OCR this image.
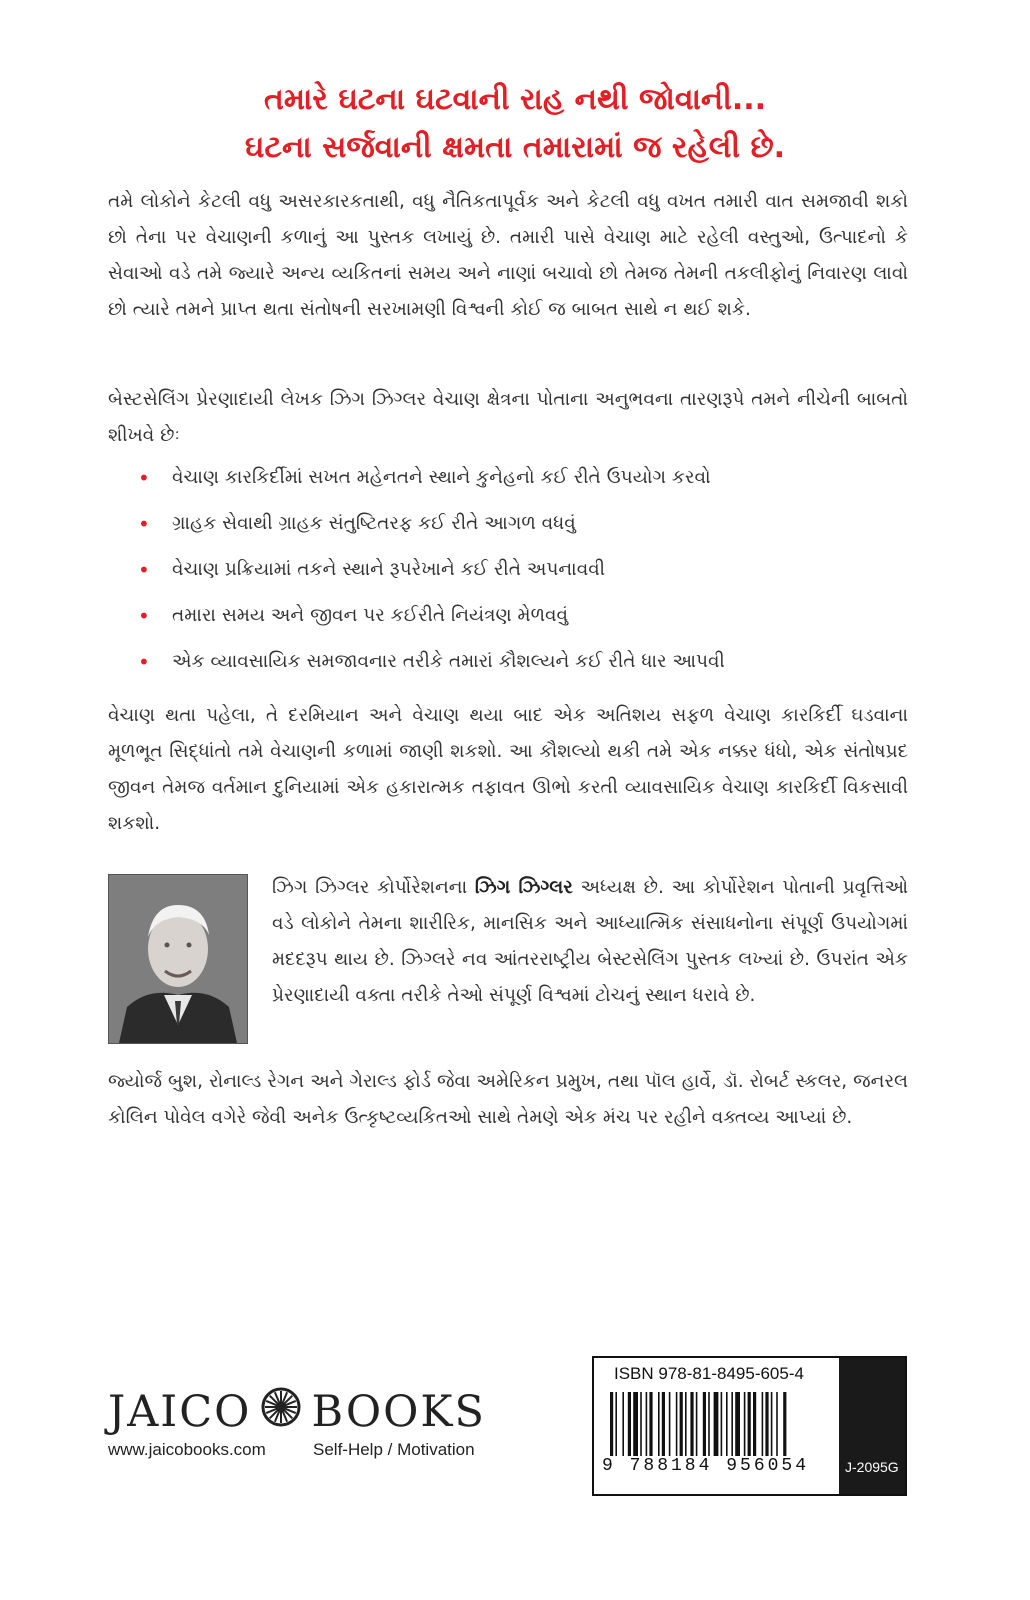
તમારે ઘટના ઘટવાની રાહ નથી જોવાની...
ઘટના સર્જવાની ક્ષમતા તમારામાં જ રહેલી છે.

તમે લોકોને કેટલી વધુ અસરકારકતાથી, વધુ નૈતિકતાપૂર્વક અને કેટલી વધુ વખત તમારી વાત સમજાવી શકો છો તેના પર વેચાણની કળાનું આ પુસ્તક લખાયું છે. તમારી પાસે વેચાણ માટે રહેલી વસ્તુઓ, ઉત્પાદનો કે સેવાઓ વડે તમે જ્યારે અન્ય વ્યકિતનાં સમય અને નાણાં બચાવો છો તેમજ તેમની તકલીફોનું નિવારણ લાવો છો ત્યારે તમને પ્રાપ્ત થતા સંતોષની સરખામણી વિશ્વની કોઈ જ બાબત સાથે ન થઈ શકે.

બેસ્ટસેલિંગ પ્રેરણાદાયી લેખક ઝિગ ઝિગ્લર વેચાણ ક્ષેત્રના પોતાના અનુભવના તારણરૂપે તમને નીચેની બાબતો શીખવે છેઃ

• વેચાણ કારકિર્દીમાં સખત મહેનતને સ્થાને કુનેહનો કઈ રીતે ઉપયોગ કરવો
• ગ્રાહક સેવાથી ગ્રાહક સંતુષ્ટિતરફ કઈ રીતે આગળ વધવું
• વેચાણ પ્રક્રિયામાં તકને સ્થાને રૂપરેખાને કઈ રીતે અપનાવવી
• તમારા સમય અને જીવન પર કઈરીતે નિયંત્રણ મેળવવું
• એક વ્યાવસાયિક સમજાવનાર તરીકે તમારાં કૌશલ્યને કઈ રીતે ધાર આપવી

વેચાણ થતા પહેલા, તે દરમિયાન અને વેચાણ થયા બાદ એક અતિશય સફળ વેચાણ કારકિર્દી ઘડવાના મૂળભૂત સિદ્ધાંતો તમે વેચાણની કળામાં જાણી શકશો. આ કૌશલ્યો થકી તમે એક નક્કર ધંધો, એક સંતોષપ્રદ જીવન તેમજ વર્તમાન દુનિયામાં એક હકારાત્મક તફાવત ઊભો કરતી વ્યાવસાયિક વેચાણ કારકિર્દી વિકસાવી શકશો.

ઝિગ ઝિગ્લર કોર્પોરેશનના ઝિગ ઝિગ્લર અધ્યક્ષ છે. આ કોર્પોરેશન પોતાની પ્રવૃત્તિઓ વડે લોકોને તેમના શારીરિક, માનસિક અને આધ્યાત્મિક સંસાધનોના સંપૂર્ણ ઉપયોગમાં મદદરૂપ થાય છે. ઝિગ્લરે નવ આંતરરાષ્ટ્રીય બેસ્ટસેલિંગ પુસ્તક લખ્યાં છે. ઉપરાંત એક પ્રેરણાદાયી વક્તા તરીકે તેઓ સંપૂર્ણ વિશ્વમાં ટોચનું સ્થાન ધરાવે છે.

જ્યોર્જ બુશ, રોનાલ્ડ રેગન અને ગેરાલ્ડ ફોર્ડ જેવા અમેરિકન પ્રમુખ, તથા પૉલ હાર્વે, ડૉ. રોબર્ટ સ્કલર, જનરલ કોલિન પોવેલ વગેરે જેવી અનેક ઉત્કૃષ્ટવ્યકિતઓ સાથે તેમણે એક મંચ પર રહીને વક્તવ્ય આપ્યાં છે.

JAICO BOOKS
www.jaicobooks.com	Self-Help / Motivation
ISBN 978-81-8495-605-4
9 788184 956054	J-2095G
